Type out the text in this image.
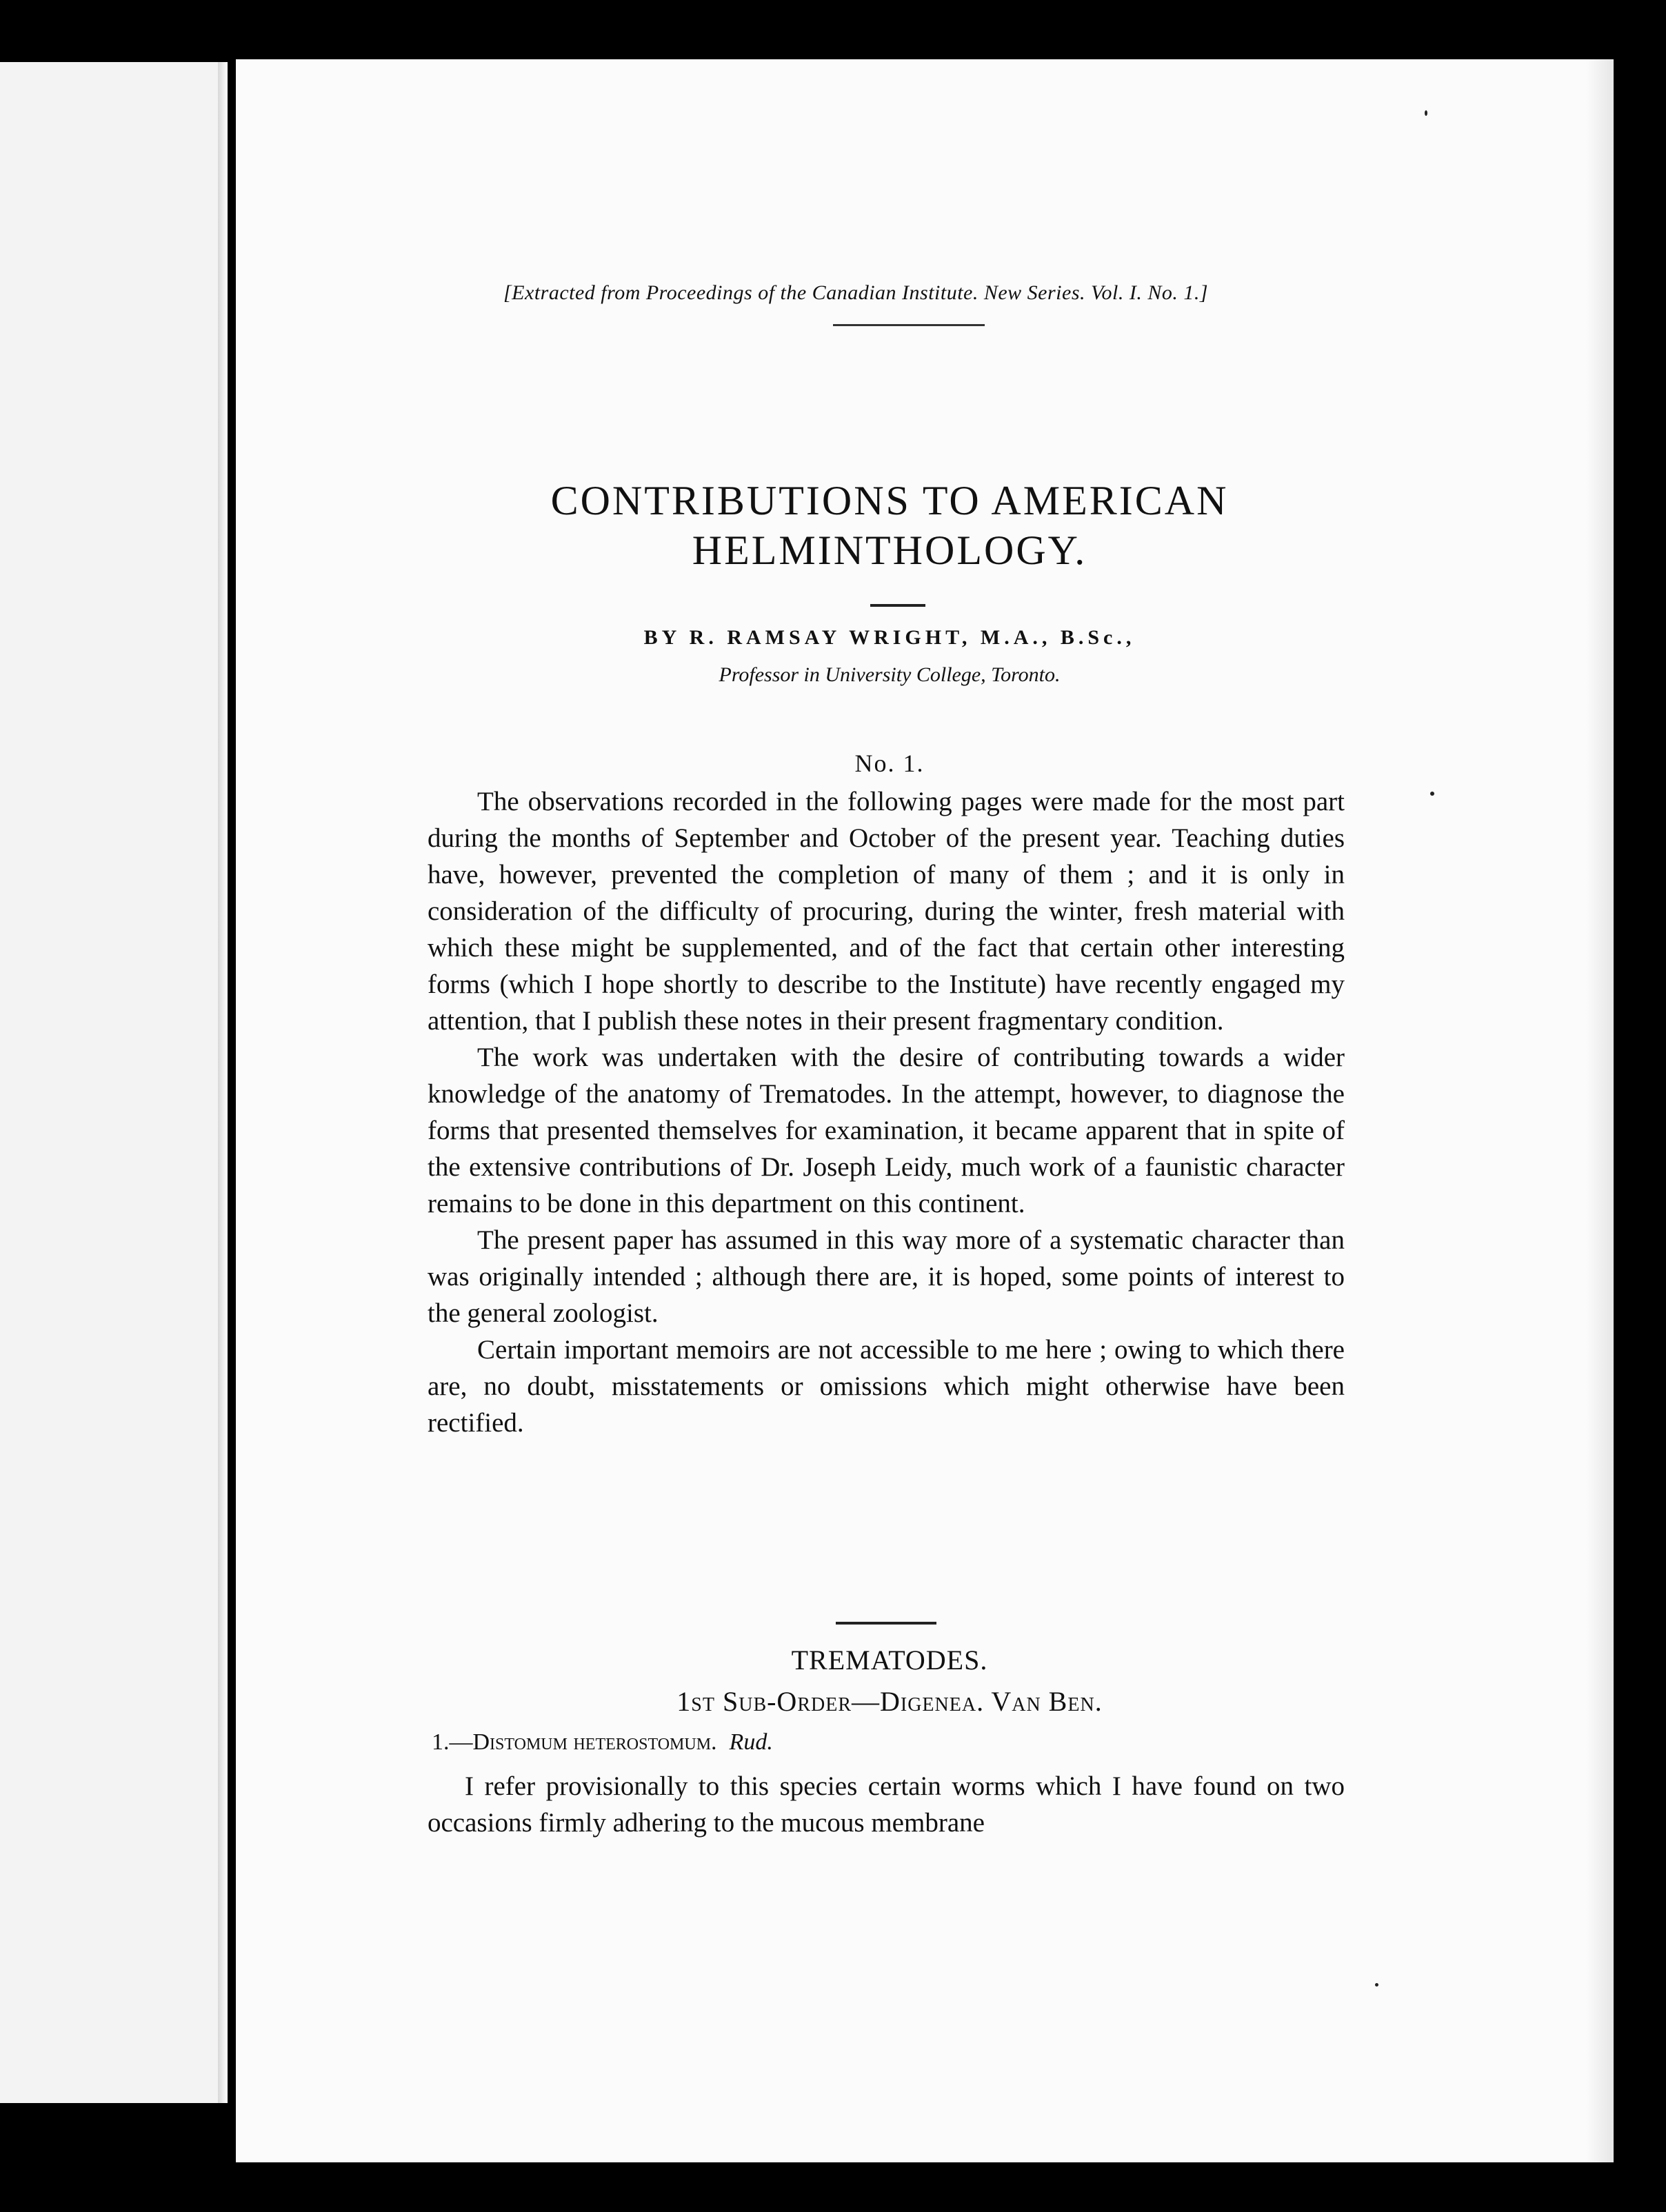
[Extracted from Proceedings of the Canadian Institute. New Series. Vol. I. No. 1.]
CONTRIBUTIONS TO AMERICAN
HELMINTHOLOGY.
BY R. RAMSAY WRIGHT, M.A., B.Sc.,
Professor in University College, Toronto.
No. 1.

The observations recorded in the following pages were made for the most part during the months of September and October of the present year. Teaching duties have, however, prevented the completion of many of them ; and it is only in consideration of the difficulty of procuring, during the winter, fresh material with which these might be supplemented, and of the fact that certain other interesting forms (which I hope shortly to describe to the Institute) have recently engaged my attention, that I publish these notes in their present fragmentary condition.

The work was undertaken with the desire of contributing towards a wider knowledge of the anatomy of Trematodes. In the attempt, however, to diagnose the forms that presented themselves for examination, it became apparent that in spite of the extensive contributions of Dr. Joseph Leidy, much work of a faunistic character remains to be done in this department on this continent.

The present paper has assumed in this way more of a systematic character than was originally intended ; although there are, it is hoped, some points of interest to the general zoologist.

Certain important memoirs are not accessible to me here ; owing to which there are, no doubt, misstatements or omissions which might otherwise have been rectified.

TREMATODES.
1st Sub-Order—Digenea. Van Ben.
1.—Distomum heterostomum. Rud.

I refer provisionally to this species certain worms which I have found on two occasions firmly adhering to the mucous membrane
